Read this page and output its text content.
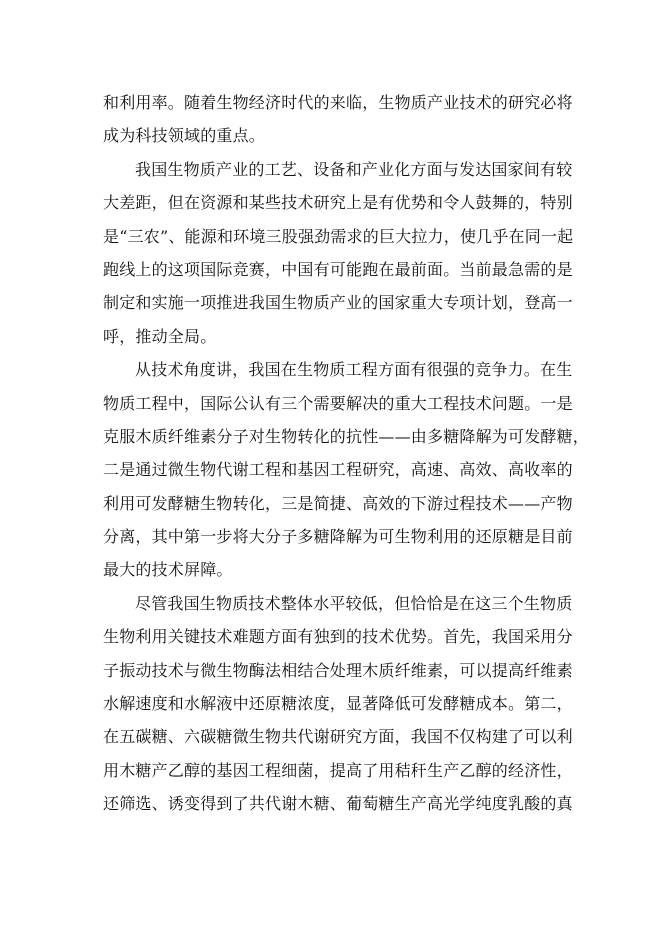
和利用率。随着生物经济时代的来临，生物质产业技术的研究必将
成为科技领域的重点。
我国生物质产业的工艺、设备和产业化方面与发达国家间有较
大差距，但在资源和某些技术研究上是有优势和令人鼓舞的，特别
是“三农”、能源和环境三股强劲需求的巨大拉力，使几乎在同一起
跑线上的这项国际竞赛，中国有可能跑在最前面。当前最急需的是
制定和实施一项推进我国生物质产业的国家重大专项计划，登高一
呼，推动全局。
从技术角度讲，我国在生物质工程方面有很强的竞争力。在生
物质工程中，国际公认有三个需要解决的重大工程技术问题。一是
克服木质纤维素分子对生物转化的抗性——由多糖降解为可发酵糖，
二是通过微生物代谢工程和基因工程研究，高速、高效、高收率的
利用可发酵糖生物转化，三是简捷、高效的下游过程技术——产物
分离，其中第一步将大分子多糖降解为可生物利用的还原糖是目前
最大的技术屏障。
尽管我国生物质技术整体水平较低，但恰恰是在这三个生物质
生物利用关键技术难题方面有独到的技术优势。首先，我国采用分
子振动技术与微生物酶法相结合处理木质纤维素，可以提高纤维素
水解速度和水解液中还原糖浓度，显著降低可发酵糖成本。第二，
在五碳糖、六碳糖微生物共代谢研究方面，我国不仅构建了可以利
用木糖产乙醇的基因工程细菌，提高了用秸秆生产乙醇的经济性，
还筛选、诱变得到了共代谢木糖、葡萄糖生产高光学纯度乳酸的真
